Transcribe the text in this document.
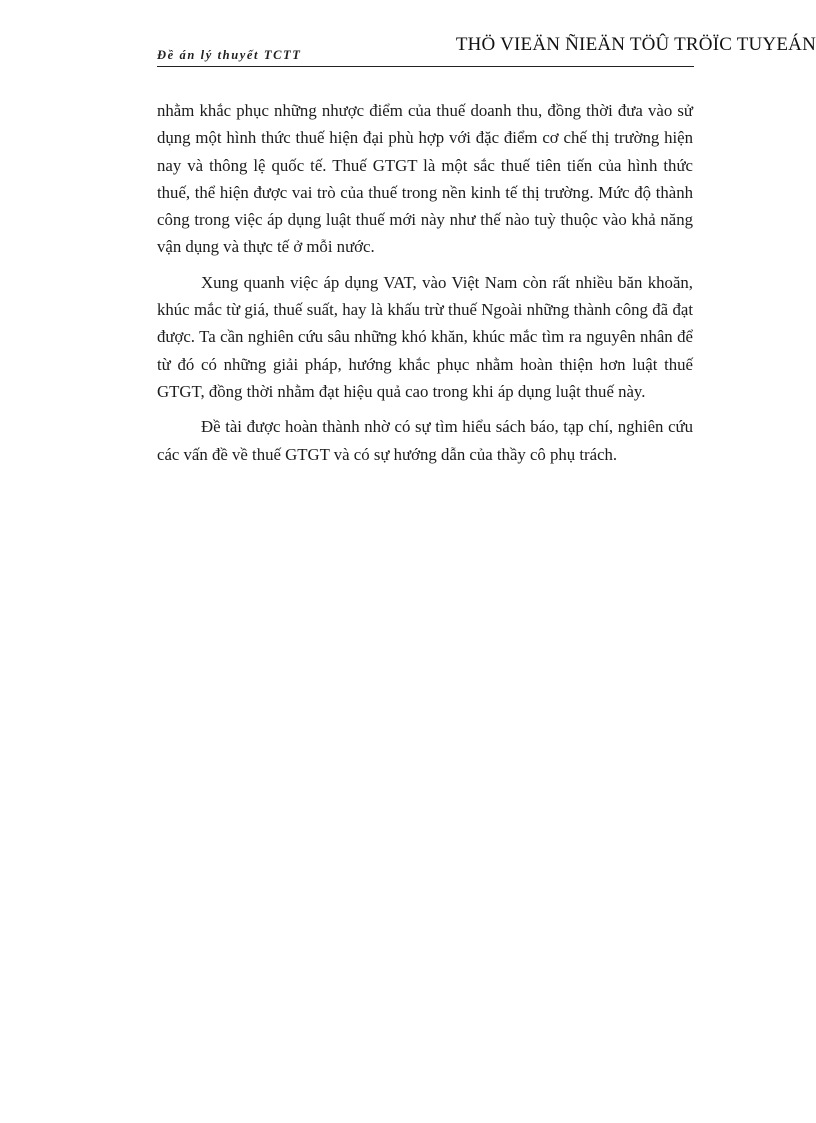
Đề án lý thuyết TCTT	THÖ VIEÄN ÑIEÄN TÖÛ TRÖÏC TUYEÁN

nhằm khắc phục những nhược điểm của thuế doanh thu, đồng thời đưa vào sử dụng một hình thức thuế hiện đại phù hợp với đặc điểm cơ chế thị trường hiện nay và thông lệ quốc tế. Thuế GTGT là một sắc thuế tiên tiến của hình thức thuế, thể hiện được vai trò của thuế trong nền kinh tế thị trường. Mức độ thành công trong việc áp dụng luật thuế mới này như thế nào tuỳ thuộc vào khả năng vận dụng và thực tế ở mỗi nước.

Xung quanh việc áp dụng VAT, vào Việt Nam còn rất nhiều băn khoăn, khúc mắc từ giá, thuế suất, hay là khấu trừ thuế Ngoài những thành công đã đạt được. Ta cần nghiên cứu sâu những khó khăn, khúc mắc tìm ra nguyên nhân để từ đó có những giải pháp, hướng khắc phục nhằm hoàn thiện hơn luật thuế GTGT, đồng thời nhằm đạt hiệu quả cao trong khi áp dụng luật thuế này.

Đề tài được hoàn thành nhờ có sự tìm hiểu sách báo, tạp chí, nghiên cứu các vấn đề về thuế GTGT và có sự hướng dẫn của thầy cô phụ trách.
